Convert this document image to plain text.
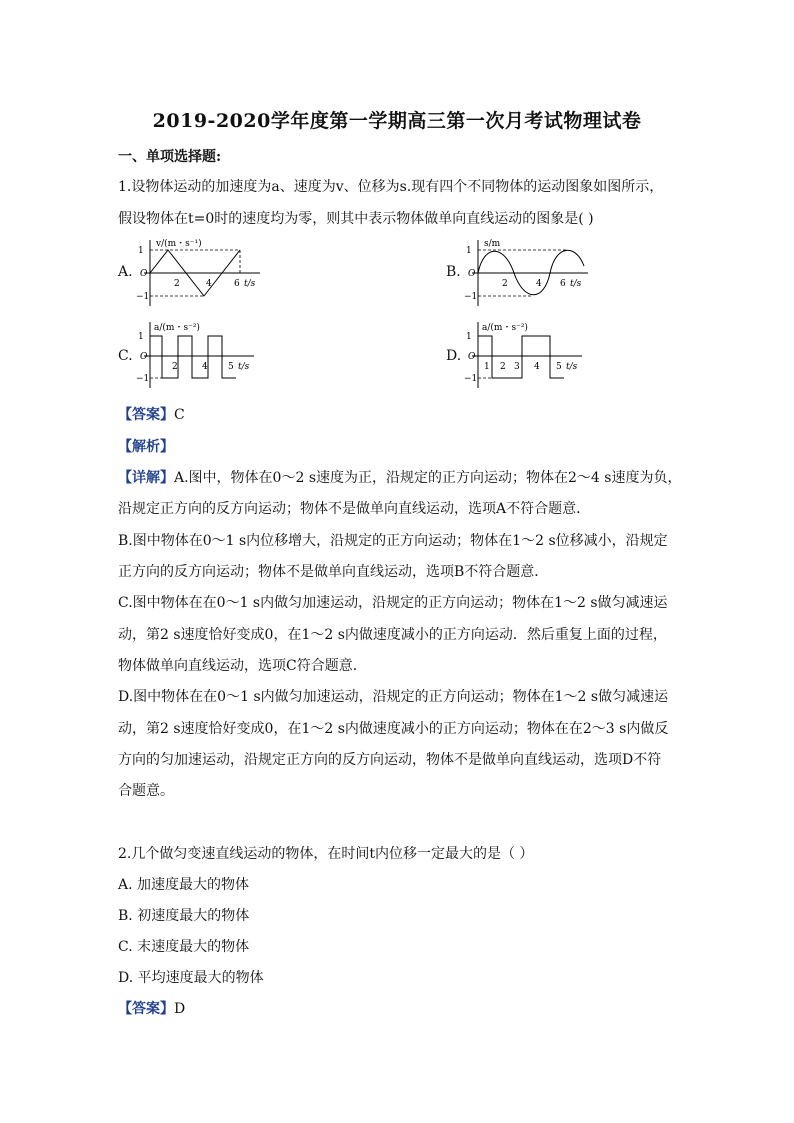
2019-2020学年度第一学期高三第一次月考试物理试卷
一、单项选择题:
1.设物体运动的加速度为a、速度为v、位移为s.现有四个不同物体的运动图象如图所示，
假设物体在t=0时的速度均为零，则其中表示物体做单向直线运动的图象是( )
A.
v/(m・s⁻¹)
1
O
−1
2	4 6 t/s
B.
s/m
1
O
−1
2	4 6 t/s
C.
a/(m・s⁻²)
1
O
−1
2	4 5 t/s
D.
a/(m・s⁻²)
1
O
−1
1 2 3 4 5 t/s
【答案】C
【解析】
【详解】A.图中，物体在0～2 s速度为正，沿规定的正方向运动；物体在2～4 s速度为负，
沿规定正方向的反方向运动；物体不是做单向直线运动，选项A不符合题意．
B.图中物体在0～1 s内位移增大，沿规定的正方向运动；物体在1～2 s位移减小，沿规定
正方向的反方向运动；物体不是做单向直线运动，选项B不符合题意．
C.图中物体在在0～1 s内做匀加速运动，沿规定的正方向运动；物体在1～2 s做匀减速运
动，第2 s速度恰好变成0，在1～2 s内做速度减小的正方向运动．然后重复上面的过程，
物体做单向直线运动，选项C符合题意．
D.图中物体在在0～1 s内做匀加速运动，沿规定的正方向运动；物体在1～2 s做匀减速运
动，第2 s速度恰好变成0，在1～2 s内做速度减小的正方向运动；物体在在2～3 s内做反
方向的匀加速运动，沿规定正方向的反方向运动，物体不是做单向直线运动，选项D不符
合题意。
2.几个做匀变速直线运动的物体，在时间t内位移一定最大的是（ ）
A. 加速度最大的物体
B. 初速度最大的物体
C. 末速度最大的物体
D. 平均速度最大的物体
【答案】D
